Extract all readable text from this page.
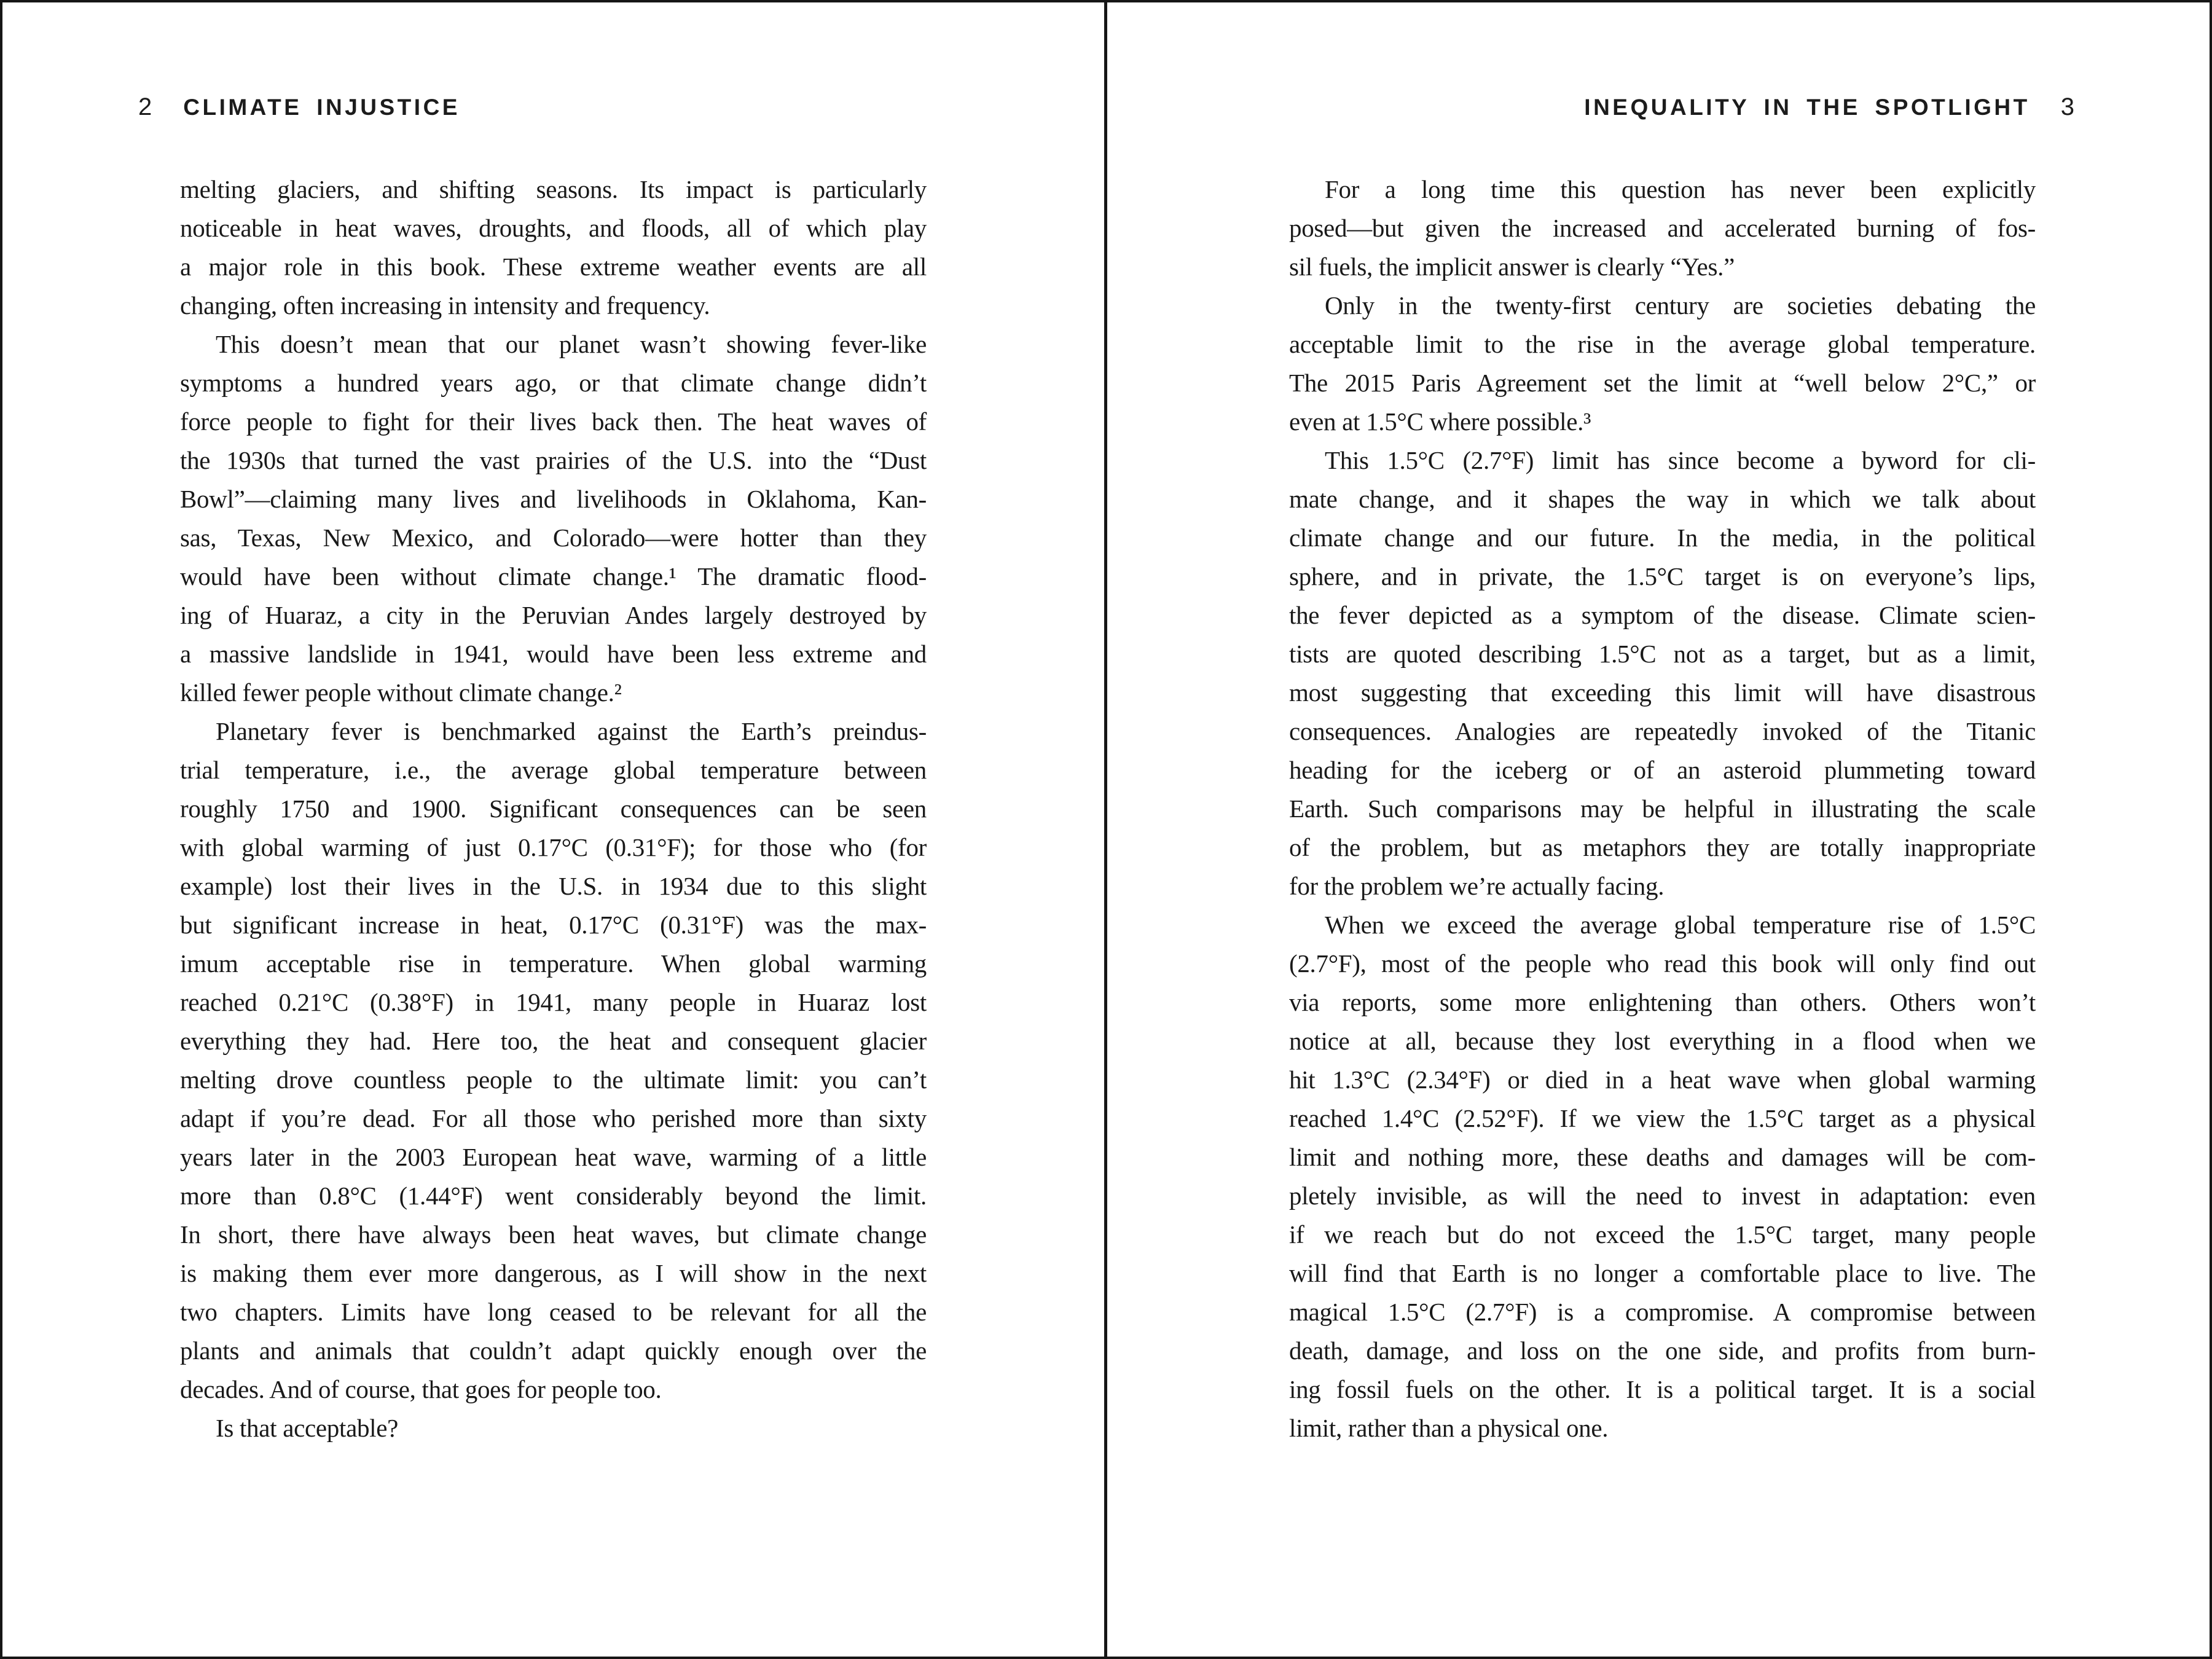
2 CLIMATE INJUSTICE	INEQUALITY IN THE SPOTLIGHT 3
melting glaciers, and shifting seasons. Its impact is particularly
noticeable in heat waves, droughts, and floods, all of which play
a major role in this book. These extreme weather events are all
changing, often increasing in intensity and frequency.
This doesn’t mean that our planet wasn’t showing fever-like
symptoms a hundred years ago, or that climate change didn’t
force people to fight for their lives back then. The heat waves of
the 1930s that turned the vast prairies of the U.S. into the “Dust
Bowl”—claiming many lives and livelihoods in Oklahoma, Kan-
sas, Texas, New Mexico, and Colorado—were hotter than they
would have been without climate change.¹ The dramatic flood-
ing of Huaraz, a city in the Peruvian Andes largely destroyed by
a massive landslide in 1941, would have been less extreme and
killed fewer people without climate change.²
Planetary fever is benchmarked against the Earth’s preindus-
trial temperature, i.e., the average global temperature between
roughly 1750 and 1900. Significant consequences can be seen
with global warming of just 0.17°C (0.31°F); for those who (for
example) lost their lives in the U.S. in 1934 due to this slight
but significant increase in heat, 0.17°C (0.31°F) was the max-
imum acceptable rise in temperature. When global warming
reached 0.21°C (0.38°F) in 1941, many people in Huaraz lost
everything they had. Here too, the heat and consequent glacier
melting drove countless people to the ultimate limit: you can’t
adapt if you’re dead. For all those who perished more than sixty
years later in the 2003 European heat wave, warming of a little
more than 0.8°C (1.44°F) went considerably beyond the limit.
In short, there have always been heat waves, but climate change
is making them ever more dangerous, as I will show in the next
two chapters. Limits have long ceased to be relevant for all the
plants and animals that couldn’t adapt quickly enough over the
decades. And of course, that goes for people too.
Is that acceptable?
For a long time this question has never been explicitly
posed—but given the increased and accelerated burning of fos-
sil fuels, the implicit answer is clearly “Yes.”
Only in the twenty-first century are societies debating the
acceptable limit to the rise in the average global temperature.
The 2015 Paris Agreement set the limit at “well below 2°C,” or
even at 1.5°C where possible.³
This 1.5°C (2.7°F) limit has since become a byword for cli-
mate change, and it shapes the way in which we talk about
climate change and our future. In the media, in the political
sphere, and in private, the 1.5°C target is on everyone’s lips,
the fever depicted as a symptom of the disease. Climate scien-
tists are quoted describing 1.5°C not as a target, but as a limit,
most suggesting that exceeding this limit will have disastrous
consequences. Analogies are repeatedly invoked of the Titanic
heading for the iceberg or of an asteroid plummeting toward
Earth. Such comparisons may be helpful in illustrating the scale
of the problem, but as metaphors they are totally inappropriate
for the problem we’re actually facing.
When we exceed the average global temperature rise of 1.5°C
(2.7°F), most of the people who read this book will only find out
via reports, some more enlightening than others. Others won’t
notice at all, because they lost everything in a flood when we
hit 1.3°C (2.34°F) or died in a heat wave when global warming
reached 1.4°C (2.52°F). If we view the 1.5°C target as a physical
limit and nothing more, these deaths and damages will be com-
pletely invisible, as will the need to invest in adaptation: even
if we reach but do not exceed the 1.5°C target, many people
will find that Earth is no longer a comfortable place to live. The
magical 1.5°C (2.7°F) is a compromise. A compromise between
death, damage, and loss on the one side, and profits from burn-
ing fossil fuels on the other. It is a political target. It is a social
limit, rather than a physical one.
